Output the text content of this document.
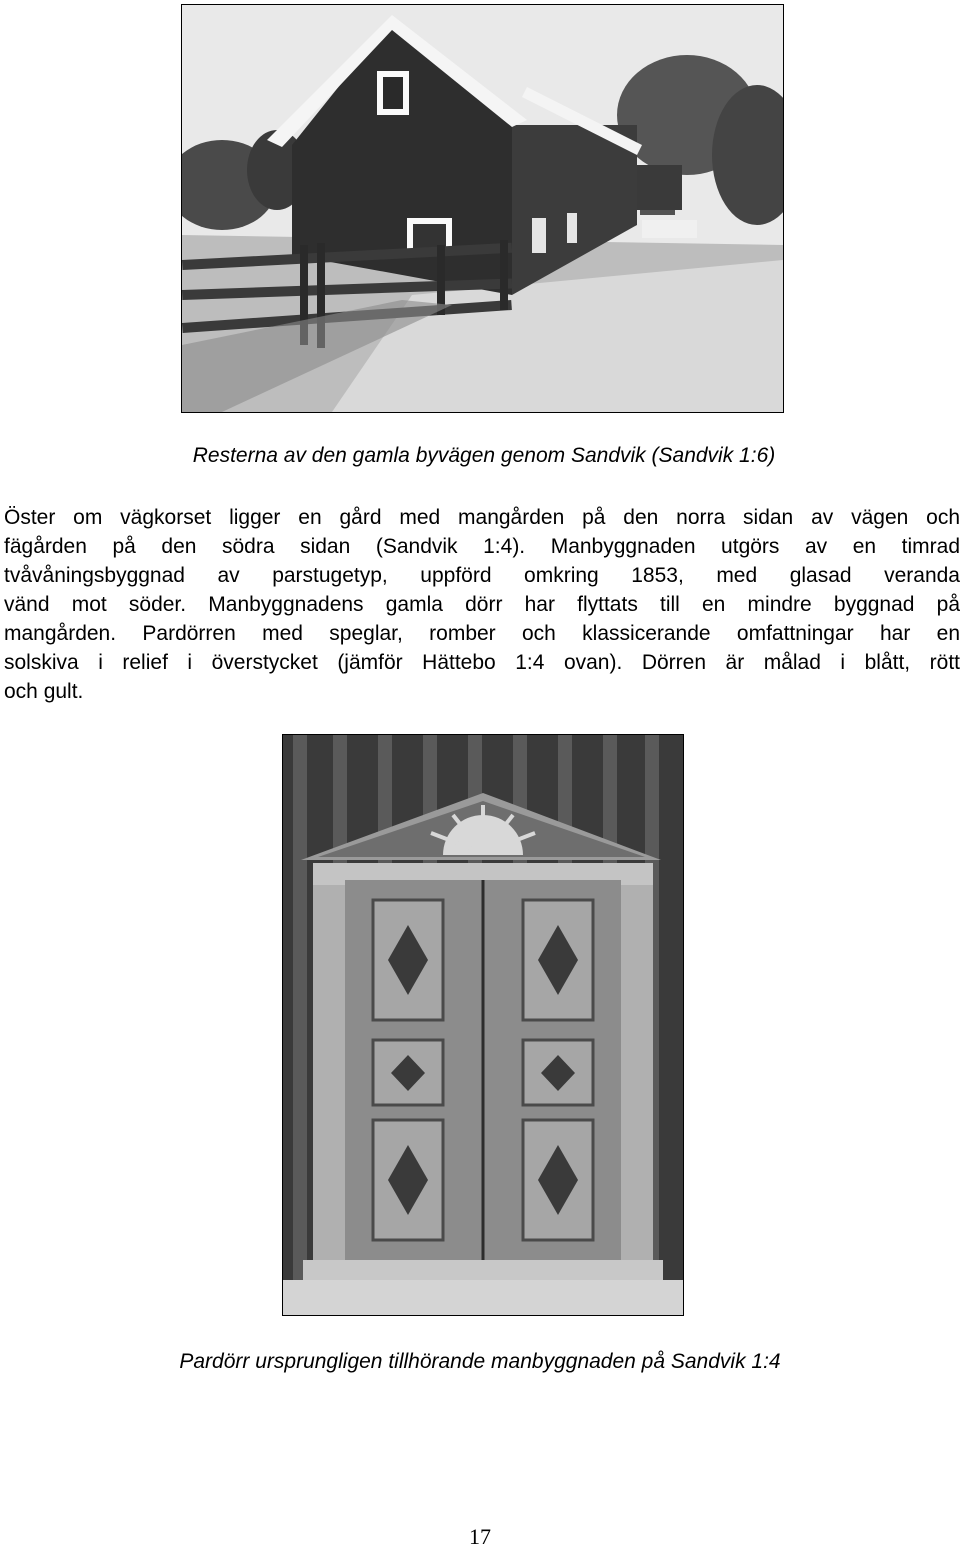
Resterna av den gamla byvägen genom Sandvik (Sandvik 1:6)
Öster om vägkorset ligger en gård med mangården på den norra sidan av vägen och
fägården på den södra sidan (Sandvik 1:4). Manbyggnaden utgörs av en timrad
tvåvåningsbyggnad av parstugetyp, uppförd omkring 1853, med glasad veranda
vänd mot söder. Manbyggnadens gamla dörr har flyttats till en mindre byggnad på
mangården. Pardörren med speglar, romber och klassicerande omfattningar har en
solskiva i relief i överstycket (jämför Hättebo 1:4 ovan). Dörren är målad i blått, rött
och gult.
Pardörr ursprungligen tillhörande manbyggnaden på Sandvik 1:4
17
